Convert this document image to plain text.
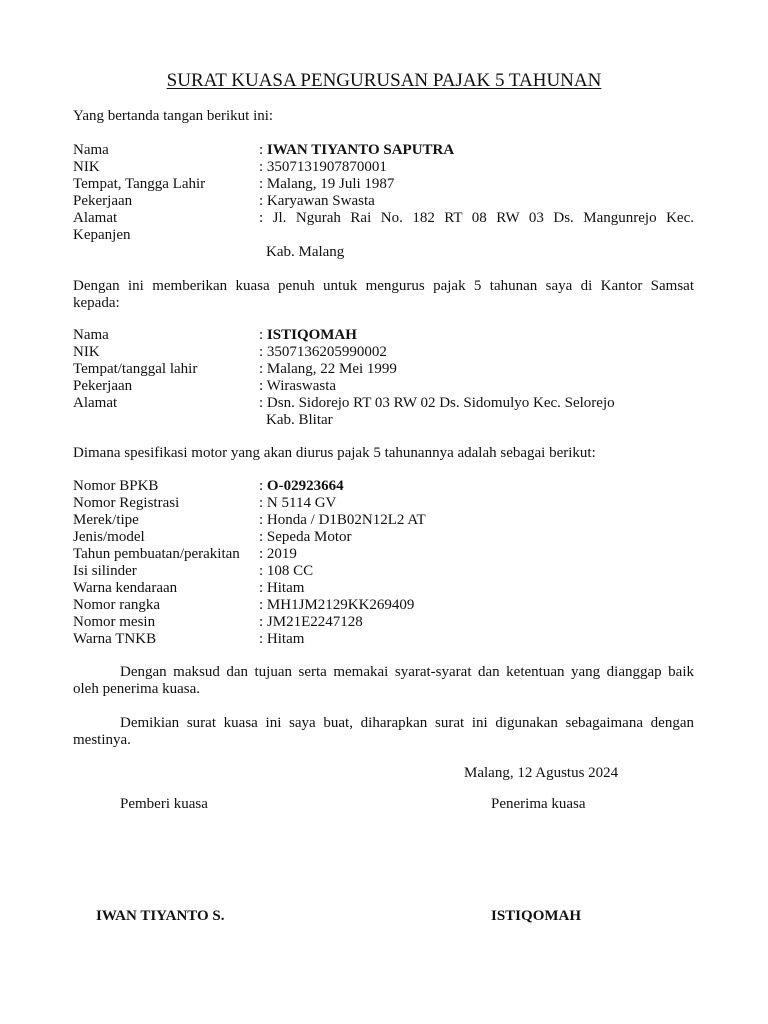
SURAT KUASA PENGURUSAN PAJAK 5 TAHUNAN
Yang bertanda tangan berikut ini:
Nama	: IWAN TIYANTO SAPUTRA
NIK	: 3507131907870001
Tempat, Tangga Lahir	: Malang, 19 Juli 1987
Pekerjaan	: Karyawan Swasta
Alamat	: Jl. Ngurah Rai No. 182 RT 08 RW 03 Ds. Mangunrejo Kec.
Kepanjen
Kab. Malang
Dengan ini memberikan kuasa penuh untuk mengurus pajak 5 tahunan saya di Kantor Samsat
kepada:
Nama	: ISTIQOMAH
NIK	: 3507136205990002
Tempat/tanggal lahir	: Malang, 22 Mei 1999
Pekerjaan	: Wiraswasta
Alamat	: Dsn. Sidorejo RT 03 RW 02 Ds. Sidomulyo Kec. Selorejo
Kab. Blitar
Dimana spesifikasi motor yang akan diurus pajak 5 tahunannya adalah sebagai berikut:
Nomor BPKB	: O-02923664
Nomor Registrasi	: N 5114 GV
Merek/tipe	: Honda / D1B02N12L2 AT
Jenis/model	: Sepeda Motor
Tahun pembuatan/perakitan : 2019
Isi silinder	: 108 CC
Warna kendaraan	: Hitam
Nomor rangka	: MH1JM2129KK269409
Nomor mesin	: JM21E2247128
Warna TNKB	: Hitam
Dengan maksud dan tujuan serta memakai syarat-syarat dan ketentuan yang dianggap baik
oleh penerima kuasa.
Demikian surat kuasa ini saya buat, diharapkan surat ini digunakan sebagaimana dengan
mestinya.
Malang, 12 Agustus 2024
Pemberi kuasa	Penerima kuasa
IWAN TIYANTO S.	ISTIQOMAH
